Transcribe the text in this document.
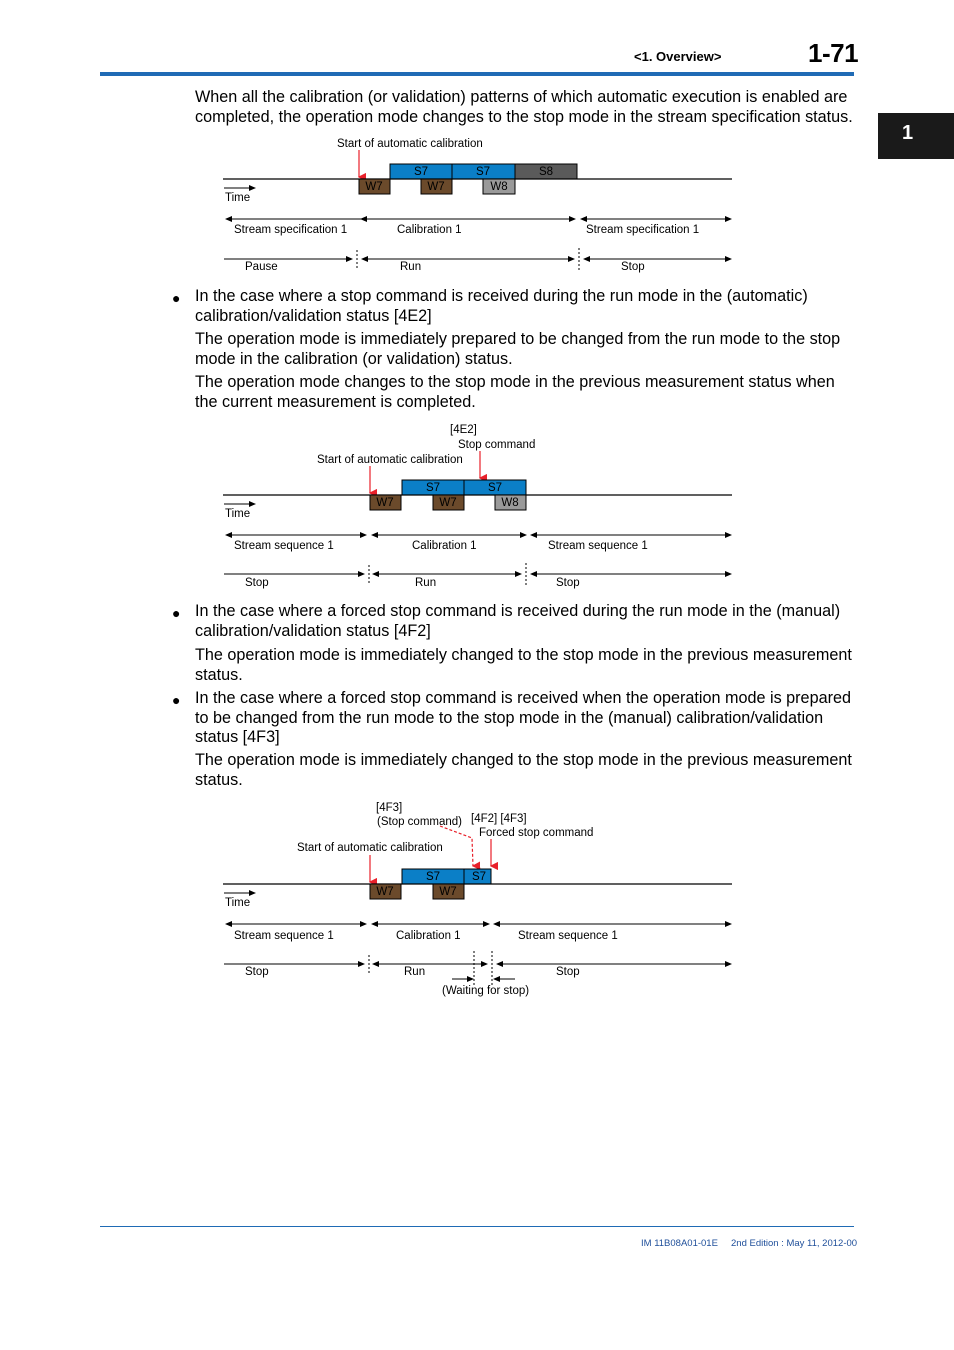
<1. Overview>	1-71
1
When all the calibration (or validation) patterns of which automatic execution is enabled are completed, the operation mode changes to the stop mode in the stream specification status.
Start of automatic calibration
S7	S7	S8
W7	W7	W8
Time
Stream specification 1	Calibration 1	Stream specification 1
Pause	Run	Stop
● In the case where a stop command is received during the run mode in the (automatic) calibration/validation status [4E2]
The operation mode is immediately prepared to be changed from the run mode to the stop mode in the calibration (or validation) status.
The operation mode changes to the stop mode in the previous measurement status when the current measurement is completed.
[4E2]
Stop command
Start of automatic calibration
S7	S7
W7	W7	W8
Time
Stream sequence 1	Calibration 1	Stream sequence 1
Stop	Run	Stop
● In the case where a forced stop command is received during the run mode in the (manual) calibration/validation status [4F2]
The operation mode is immediately changed to the stop mode in the previous measurement status.
● In the case where a forced stop command is received when the operation mode is prepared to be changed from the run mode to the stop mode in the (manual) calibration/validation status [4F3]
The operation mode is immediately changed to the stop mode in the previous measurement status.
[4F3]
(Stop command) [4F2] [4F3]
Forced stop command
Start of automatic calibration
S7	S7
W7	W7
Time
Stream sequence 1	Calibration 1	Stream sequence 1
Stop	Run	Stop
(Waiting for stop)
IM 11B08A01-01E 2nd Edition : May 11, 2012-00
